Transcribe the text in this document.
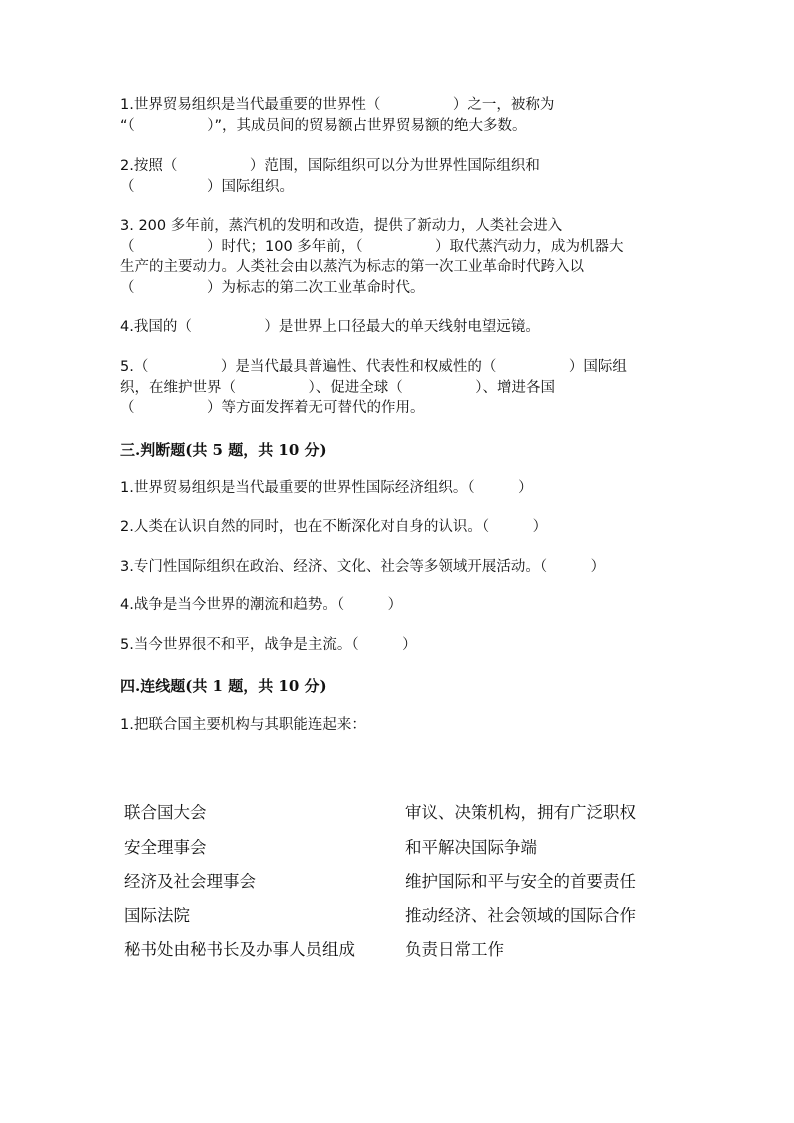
1.世界贸易组织是当代最重要的世界性（　　　　　）之一，被称为
“（　　　　　）”，其成员间的贸易额占世界贸易额的绝大多数。

2.按照（　　　　　）范围，国际组织可以分为世界性国际组织和
（　　　　　）国际组织。

3. 200 多年前，蒸汽机的发明和改造，提供了新动力，人类社会进入
（　　　　　）时代；100 多年前，（　　　　　）取代蒸汽动力，成为机器大
生产的主要动力。人类社会由以蒸汽为标志的第一次工业革命时代跨入以
（　　　　　）为标志的第二次工业革命时代。

4.我国的（　　　　　）是世界上口径最大的单天线射电望远镜。

5.（　　　　　）是当代最具普遍性、代表性和权威性的（　　　　　）国际组
织，在维护世界（　　　　　）、促进全球（　　　　　）、增进各国
（　　　　　）等方面发挥着无可替代的作用。

三.判断题(共 5 题，共 10 分)

1.世界贸易组织是当代最重要的世界性国际经济组织。（　　　）

2.人类在认识自然的同时，也在不断深化对自身的认识。（　　　）

3.专门性国际组织在政治、经济、文化、社会等多领域开展活动。（　　　）

4.战争是当今世界的潮流和趋势。（　　　）

5.当今世界很不和平，战争是主流。（　　　）

四.连线题(共 1 题，共 10 分)

1.把联合国主要机构与其职能连起来：

联合国大会
安全理事会
经济及社会理事会
国际法院
秘书处由秘书长及办事人员组成
审议、决策机构，拥有广泛职权
和平解决国际争端
维护国际和平与安全的首要责任
推动经济、社会领域的国际合作
负责日常工作
